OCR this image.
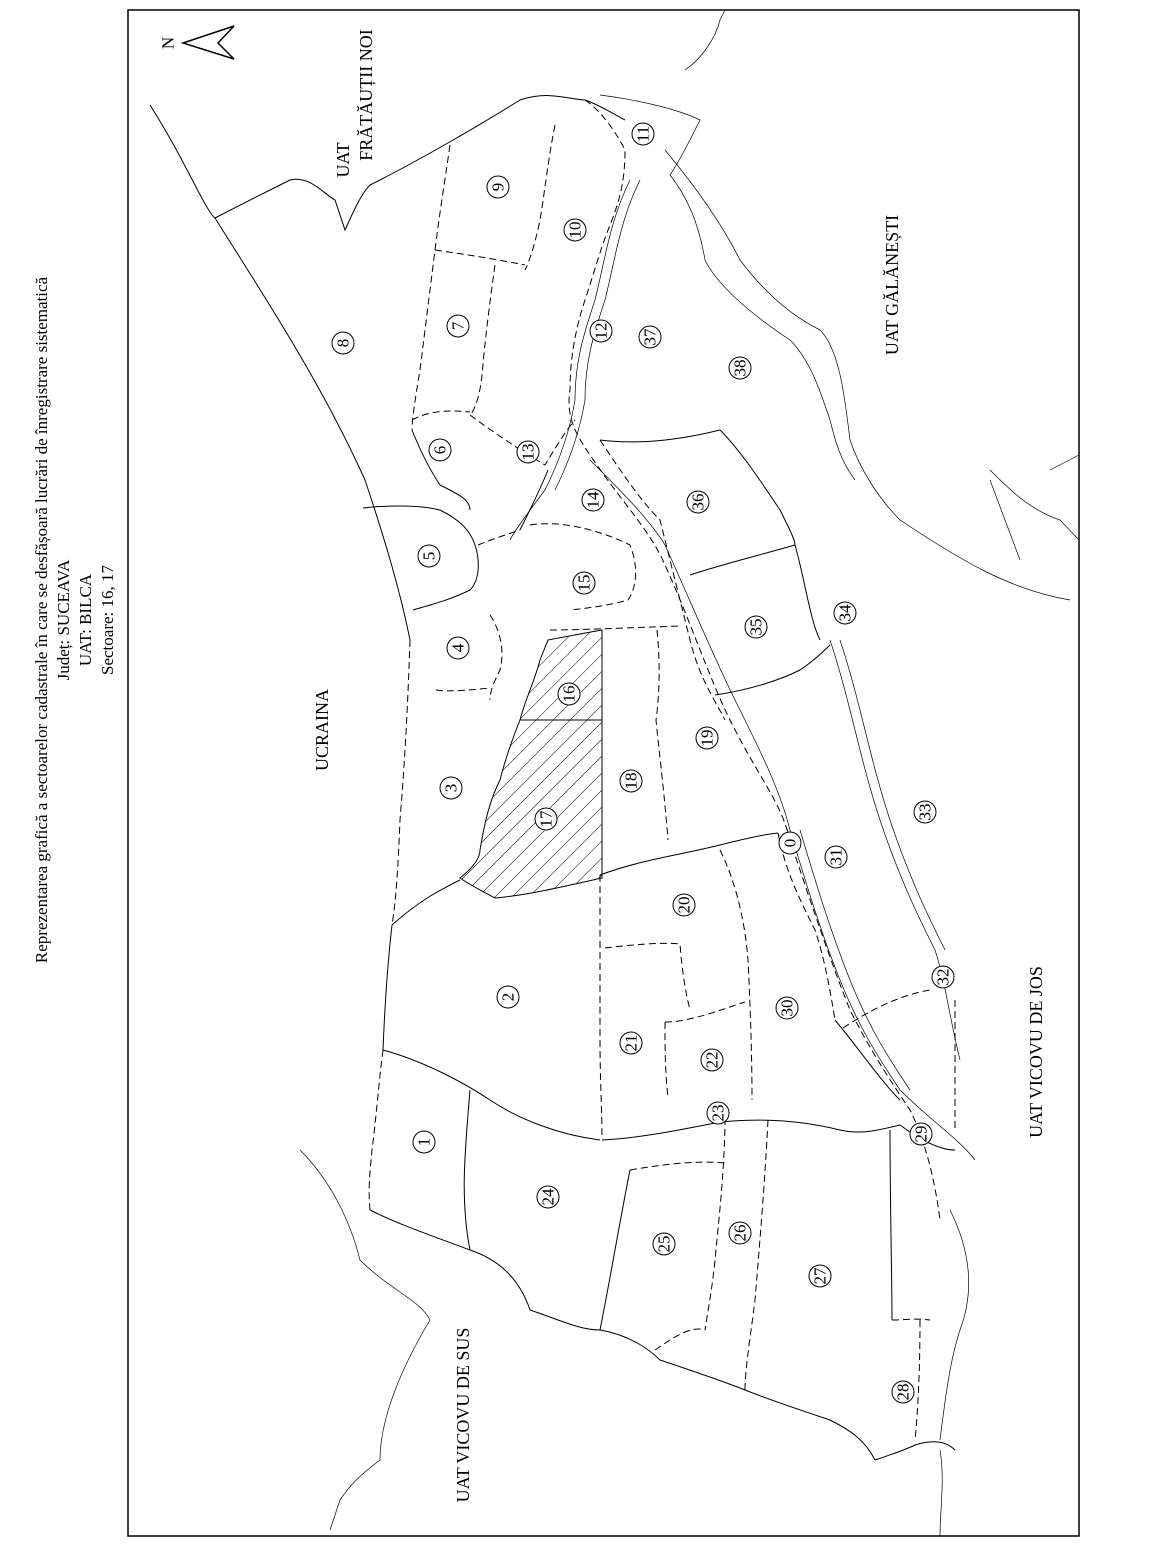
Reprezentarea grafică a sectoarelor cadastrale în care se desfășoară lucrări de înregistrare sistematică Județ: SUCEAVA UAT: BILCA Sectoare: 16, 17
N
UCRAINA
UAT FRĂTĂUȚII NOI
UAT GĂLĂNEȘTI
UAT VICOVU DE SUS
UAT VICOVU DE JOS
1
2
3
4
5
6
7
8
9
10
11
12
13
14
15
16
17
18
19
20
21
22
23
24
25
26
27
28
29
30
31
32
33
34
35
36
37
38
0
